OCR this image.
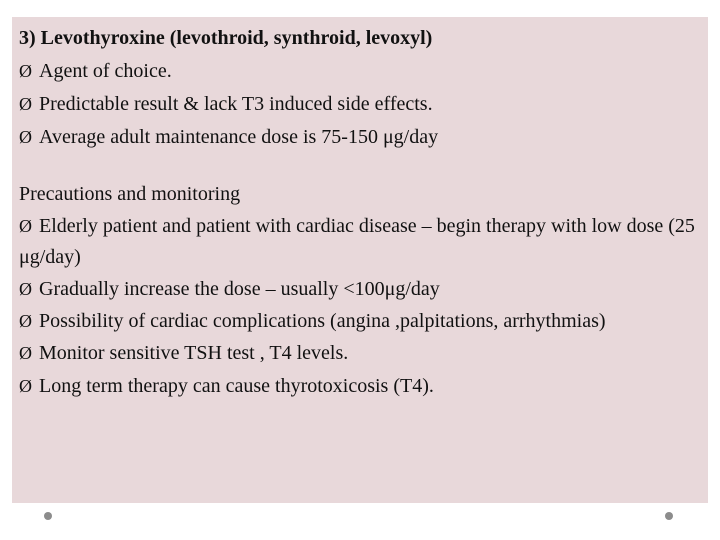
3) Levothyroxine (levothroid, synthroid, levoxyl)
Ø Agent of choice.
Ø Predictable result & lack T3 induced side effects.
Ø Average adult maintenance dose is 75-150 μg/day
Precautions and monitoring
Ø Elderly patient and patient with cardiac disease – begin therapy with low dose (25 μg/day)
Ø Gradually increase the dose – usually <100μg/day
Ø Possibility of cardiac complications (angina ,palpitations, arrhythmias)
Ø Monitor sensitive TSH test , T4 levels.
Ø Long term therapy can cause thyrotoxicosis (T4).
